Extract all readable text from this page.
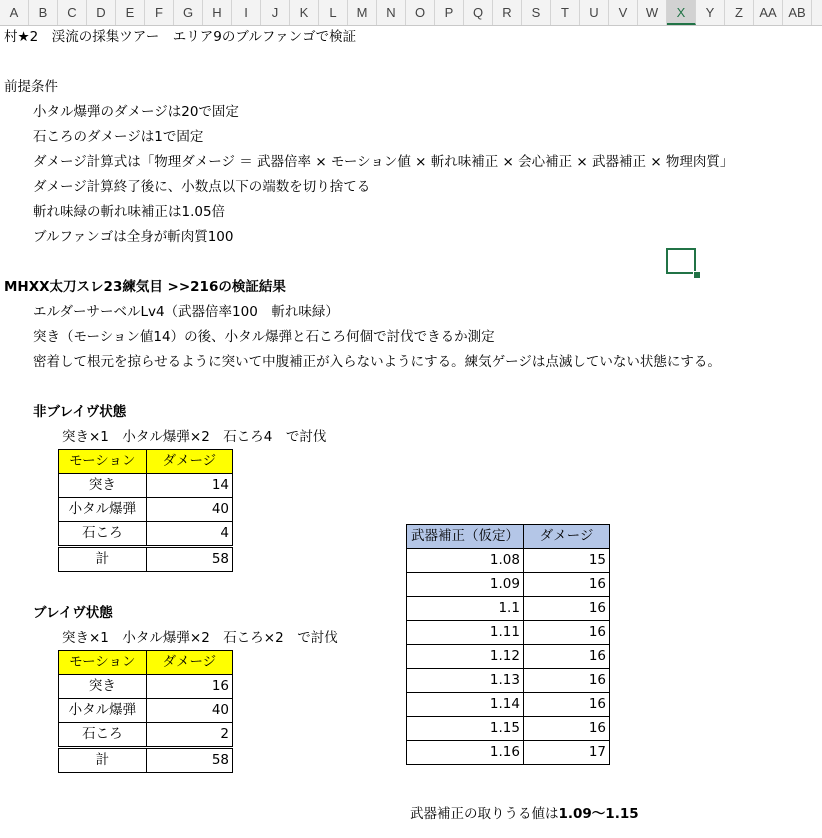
A	B	C	D	E	F	G	H	I	J	K	L	M	N	O	P	Q	R	S	T	U	V	W	X	Y	Z	AA AB
村★2　渓流の採集ツアー　エリア9のブルファンゴで検証
前提条件
小タル爆弾のダメージは20で固定
石ころのダメージは1で固定
ダメージ計算式は「物理ダメージ ＝ 武器倍率 × モーション値 × 斬れ味補正 × 会心補正 × 武器補正 × 物理肉質」
ダメージ計算終了後に、小数点以下の端数を切り捨てる
斬れ味緑の斬れ味補正は1.05倍
ブルファンゴは全身が斬肉質100
MHXX太刀スレ23練気目 >>216の検証結果
エルダーサーベルLv4（武器倍率100　斬れ味緑）
突き（モーション値14）の後、小タル爆弾と石ころ何個で討伐できるか測定
密着して根元を掠らせるように突いて中腹補正が入らないようにする。練気ゲージは点滅していない状態にする。
非ブレイヴ状態
突き×1　小タル爆弾×2　石ころ4　で討伐
モーション	ダメージ
突き	14
小タル爆弾	40
石ころ	4
計	58
ブレイヴ状態
突き×1　小タル爆弾×2　石ころ×2　で討伐
モーション	ダメージ
突き	16
小タル爆弾	40
石ころ	2
計	58
武器補正（仮定）	ダメージ
1.08	15
1.09	16
1.1	16
1.11	16
1.12	16
1.13	16
1.14	16
1.15	16
1.16	17
武器補正の取りうる値は1.09〜1.15
